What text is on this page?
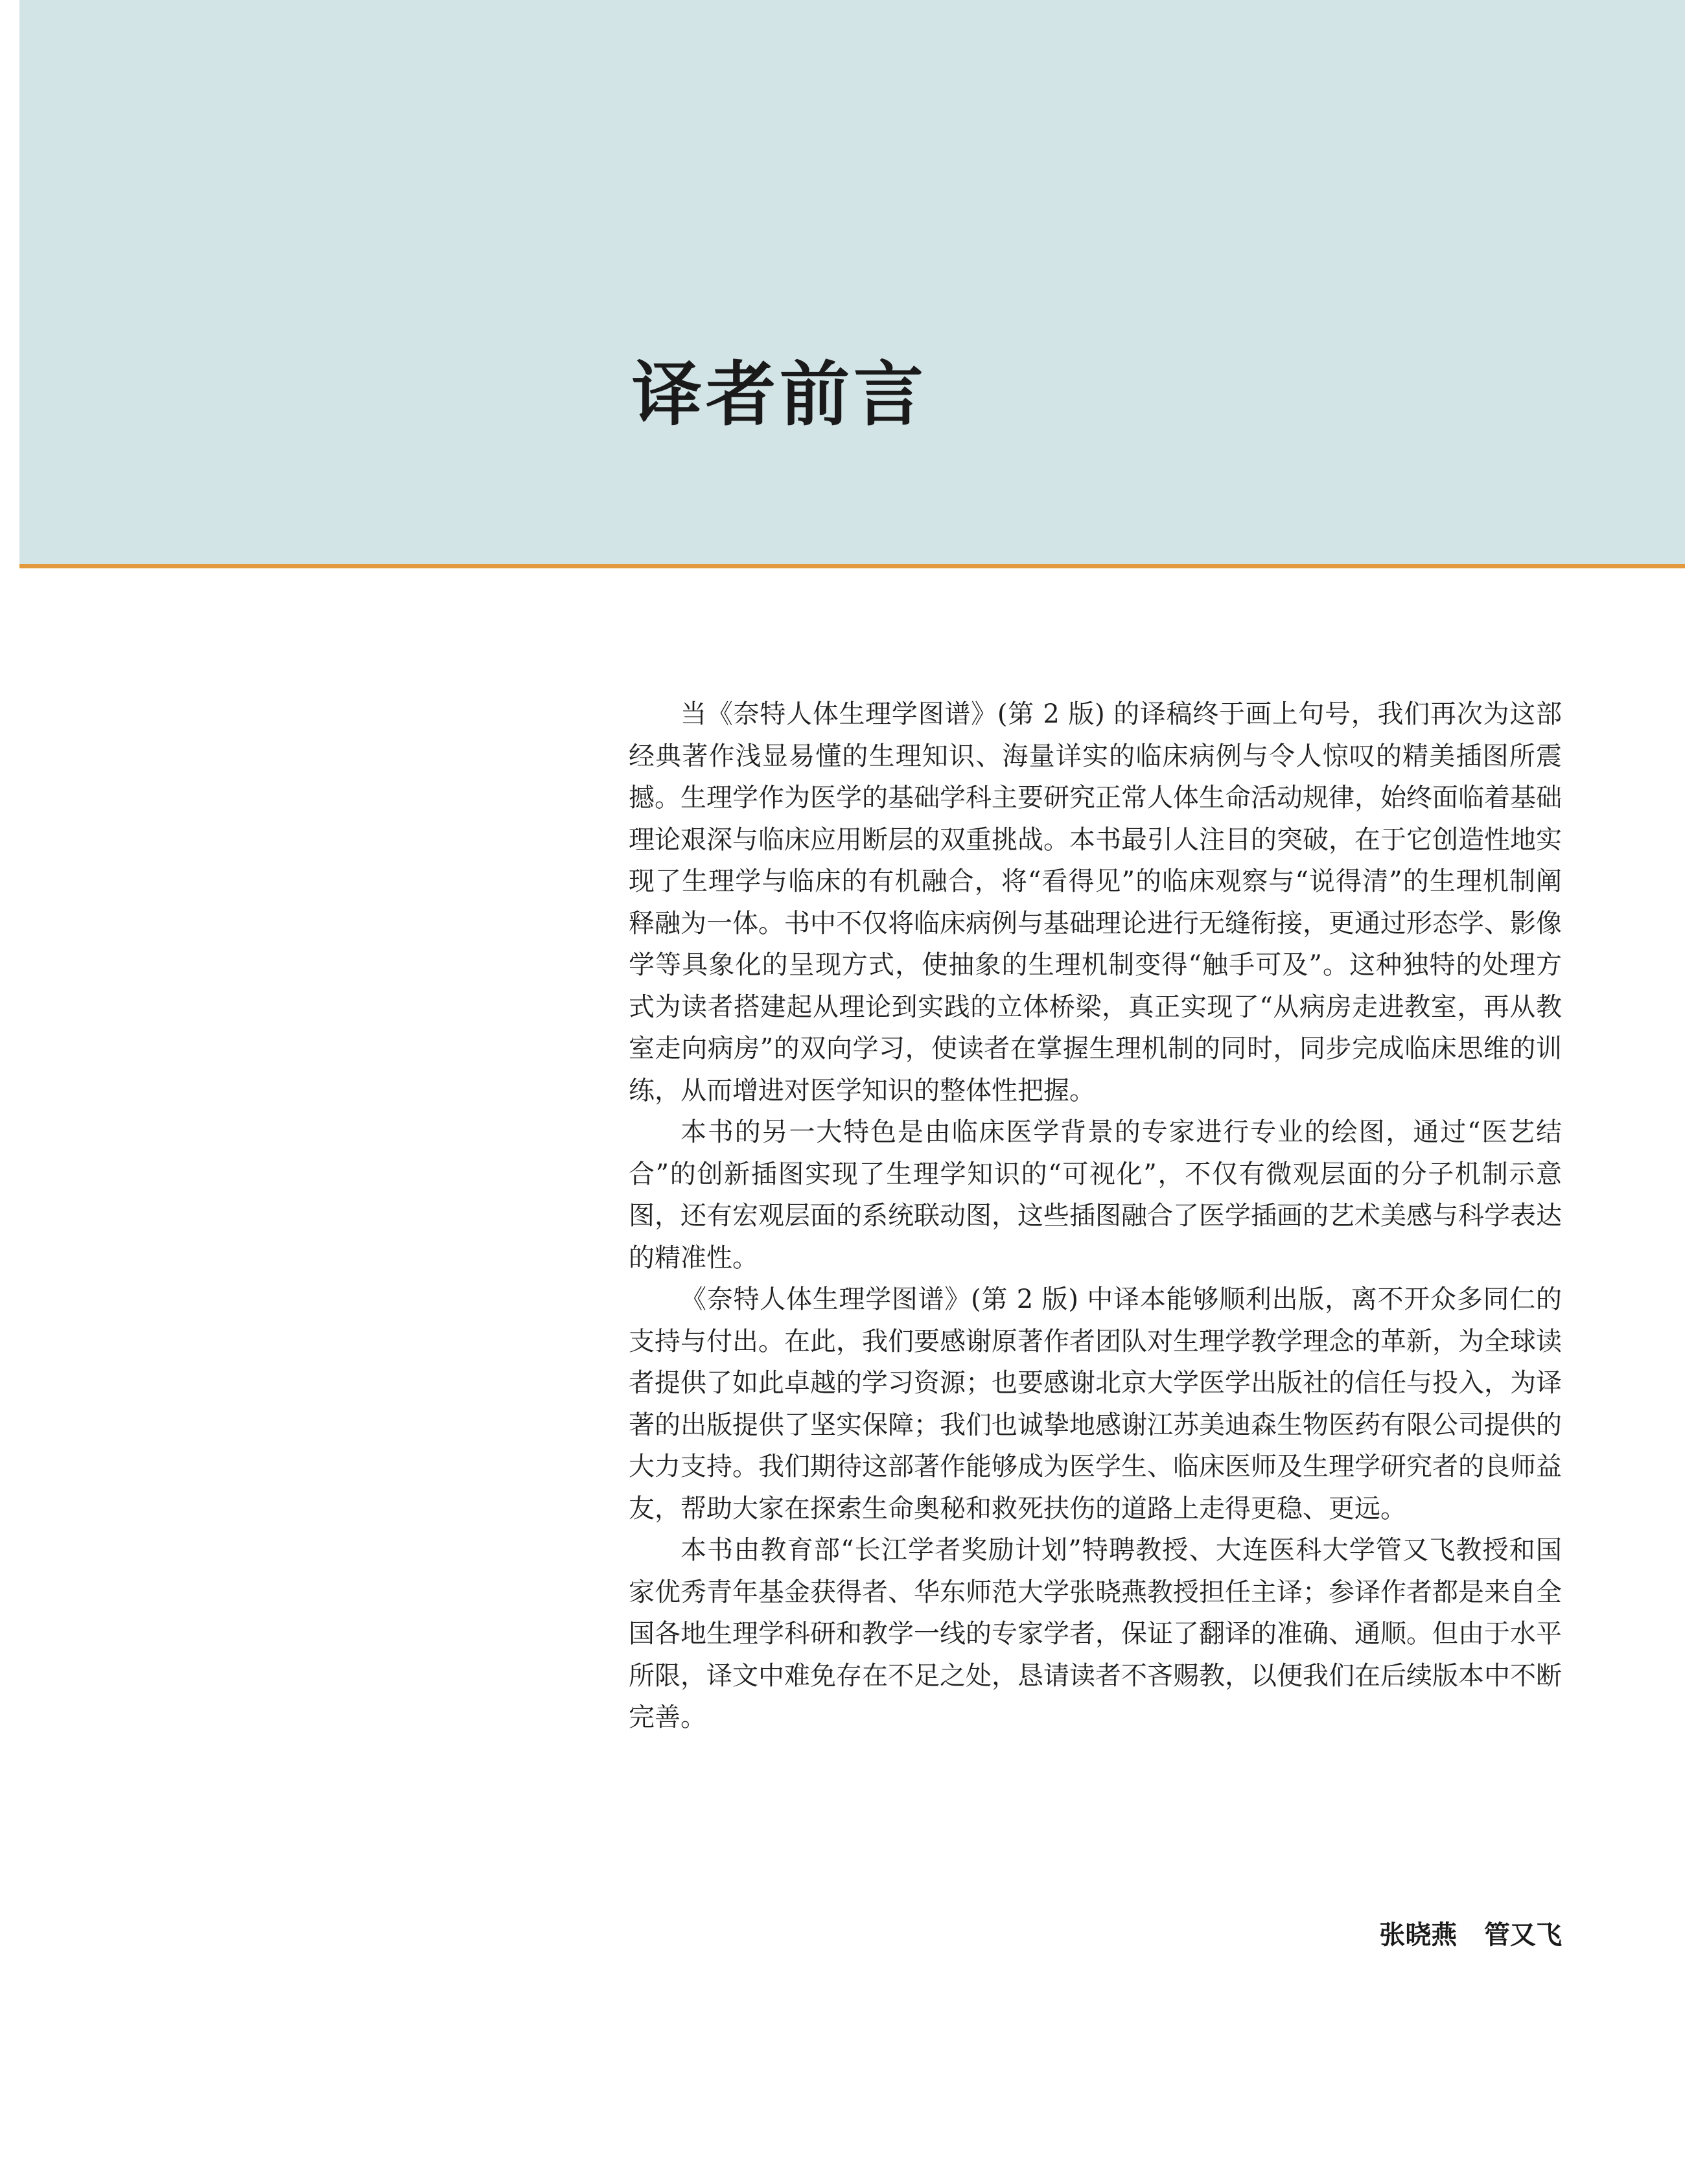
译者前言

当《奈特人体生理学图谱》(第 2 版) 的译稿终于画上句号，我们再次为这部经典著作浅显易懂的生理知识、海量详实的临床病例与令人惊叹的精美插图所震撼。生理学作为医学的基础学科主要研究正常人体生命活动规律，始终面临着基础理论艰深与临床应用断层的双重挑战。本书最引人注目的突破，在于它创造性地实现了生理学与临床的有机融合，将“看得见”的临床观察与“说得清”的生理机制阐释融为一体。书中不仅将临床病例与基础理论进行无缝衔接，更通过形态学、影像学等具象化的呈现方式，使抽象的生理机制变得“触手可及”。这种独特的处理方式为读者搭建起从理论到实践的立体桥梁，真正实现了“从病房走进教室，再从教室走向病房”的双向学习，使读者在掌握生理机制的同时，同步完成临床思维的训练，从而增进对医学知识的整体性把握。

本书的另一大特色是由临床医学背景的专家进行专业的绘图，通过“医艺结合”的创新插图实现了生理学知识的“可视化”，不仅有微观层面的分子机制示意图，还有宏观层面的系统联动图，这些插图融合了医学插画的艺术美感与科学表达的精准性。

《奈特人体生理学图谱》(第 2 版) 中译本能够顺利出版，离不开众多同仁的支持与付出。在此，我们要感谢原著作者团队对生理学教学理念的革新，为全球读者提供了如此卓越的学习资源；也要感谢北京大学医学出版社的信任与投入，为译著的出版提供了坚实保障；我们也诚挚地感谢江苏美迪森生物医药有限公司提供的大力支持。我们期待这部著作能够成为医学生、临床医师及生理学研究者的良师益友，帮助大家在探索生命奥秘和救死扶伤的道路上走得更稳、更远。

本书由教育部“长江学者奖励计划”特聘教授、大连医科大学管又飞教授和国家优秀青年基金获得者、华东师范大学张晓燕教授担任主译；参译作者都是来自全国各地生理学科研和教学一线的专家学者，保证了翻译的准确、通顺。但由于水平所限，译文中难免存在不足之处，恳请读者不吝赐教，以便我们在后续版本中不断完善。

张晓燕   管又飞
